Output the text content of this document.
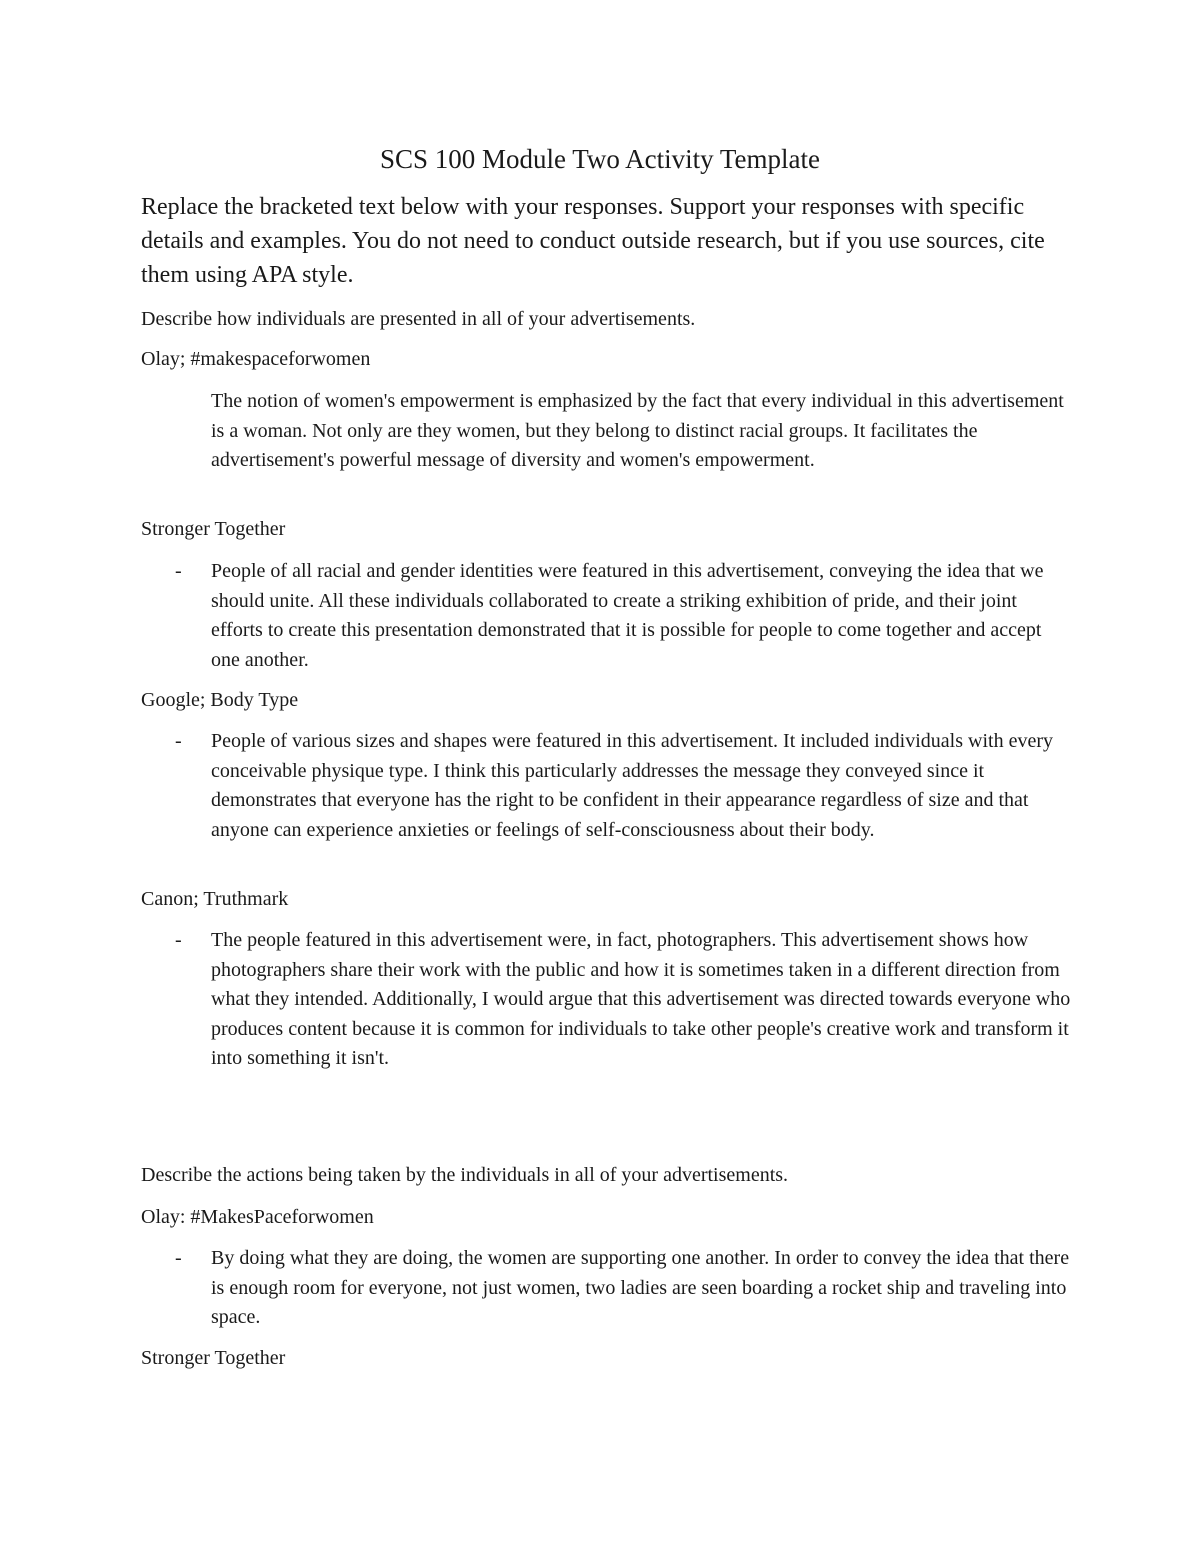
SCS 100 Module Two Activity Template
Replace the bracketed text below with your responses. Support your responses with specific details and examples. You do not need to conduct outside research, but if you use sources, cite them using APA style.
Describe how individuals are presented in all of your advertisements.
Olay; #makespaceforwomen
The notion of women's empowerment is emphasized by the fact that every individual in this advertisement is a woman. Not only are they women, but they belong to distinct racial groups. It facilitates the advertisement's powerful message of diversity and women's empowerment.
Stronger Together
- People of all racial and gender identities were featured in this advertisement, conveying the idea that we should unite. All these individuals collaborated to create a striking exhibition of pride, and their joint efforts to create this presentation demonstrated that it is possible for people to come together and accept one another.
Google; Body Type
- People of various sizes and shapes were featured in this advertisement. It included individuals with every conceivable physique type. I think this particularly addresses the message they conveyed since it demonstrates that everyone has the right to be confident in their appearance regardless of size and that anyone can experience anxieties or feelings of self-consciousness about their body.
Canon; Truthmark
- The people featured in this advertisement were, in fact, photographers. This advertisement shows how photographers share their work with the public and how it is sometimes taken in a different direction from what they intended. Additionally, I would argue that this advertisement was directed towards everyone who produces content because it is common for individuals to take other people's creative work and transform it into something it isn't.
Describe the actions being taken by the individuals in all of your advertisements.
Olay: #MakesPaceforwomen
- By doing what they are doing, the women are supporting one another. In order to convey the idea that there is enough room for everyone, not just women, two ladies are seen boarding a rocket ship and traveling into space.
Stronger Together
